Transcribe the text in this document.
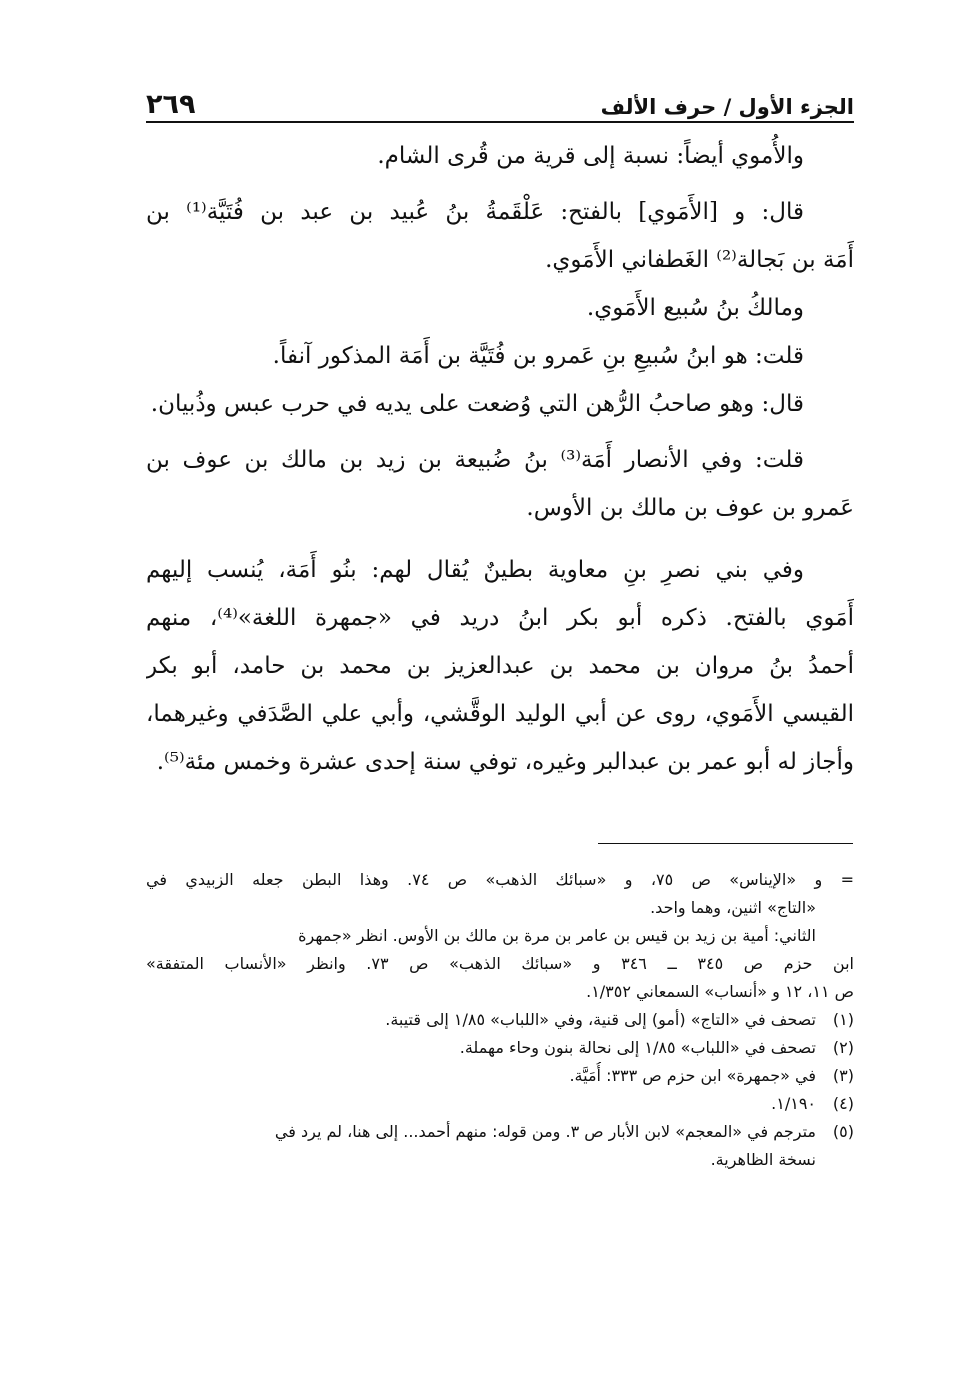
٢٦٩	الجزء الأول / حرف الألف
والأُموي أيضاً: نسبة إلى قرية من قُرى الشام.
قال: و [الأَمَوي] بالفتح: عَلْقَمةُ بنُ عُبيد بن عبد بن فُتَيَّة⁽¹⁾ بن
أَمَة بن بَجالة⁽²⁾ الغَطفاني الأَمَوي.
ومالكُ بنُ سُبيع الأَمَوي.
قلت: هو ابنُ سُبيعِ بنِ عَمرو بن فُتَيَّة بن أَمَة المذكور آنفاً.
قال: وهو صاحبُ الرُّهن التي وُضعت على يديه في حرب عبس وذُبيان.
قلت: وفي الأنصار أَمَة⁽³⁾ بنُ ضُبيعة بن زيد بن مالك بن عوف بن
عَمرو بن عوف بن مالك بن الأوس.
وفي بني نصرِ بنِ معاوية بطينٌ يُقال لهم: بنُو أَمَة، يُنسب إليهم
أَمَوي بالفتح. ذكره أبو بكر ابنُ دريد في «جمهرة اللغة»⁽⁴⁾، منهم
أحمدُ بنُ مروان بن محمد بن عبدالعزيز بن محمد بن حامد، أبو بكر
القيسي الأَمَوي، روى عن أبي الوليد الوقَّشي، وأبي علي الصَّدَفي وغيرهما،
وأجاز له أبو عمر بن عبدالبر وغيره، توفي سنة إحدى عشرة وخمس مئة⁽⁵⁾.
= و «الإيناس» ص ٧٥، و «سبائك الذهب» ص ٧٤. وهذا البطن جعله الزبيدي في
«التاج» اثنين، وهما واحد.
الثاني: أمية بن زيد بن قيس بن عامر بن مرة بن مالك بن الأوس. انظر «جمهرة
ابن حزم ص ٣٤٥ ــ ٣٤٦ و «سبائك الذهب» ص ٧٣. وانظر «الأنساب المتفقة»
ص ١١، ١٢ و «أنساب» السمعاني ١/٣٥٢.
(١)
تصحف في «التاج» (أمو) إلى قنية، وفي «اللباب» ١/٨٥ إلى قتيبة.
(٢)
تصحف في «اللباب» ١/٨٥ إلى نحالة بنون وحاء مهملة.
(٣)
في «جمهرة» ابن حزم ص ٣٣٣: أُمَيَّة.
(٤)
١/١٩٠.
(٥)
مترجم في «المعجم» لابن الأبار ص ٣. ومن قوله: منهم أحمد... إلى هنا، لم يرد في
نسخة الظاهرية.
